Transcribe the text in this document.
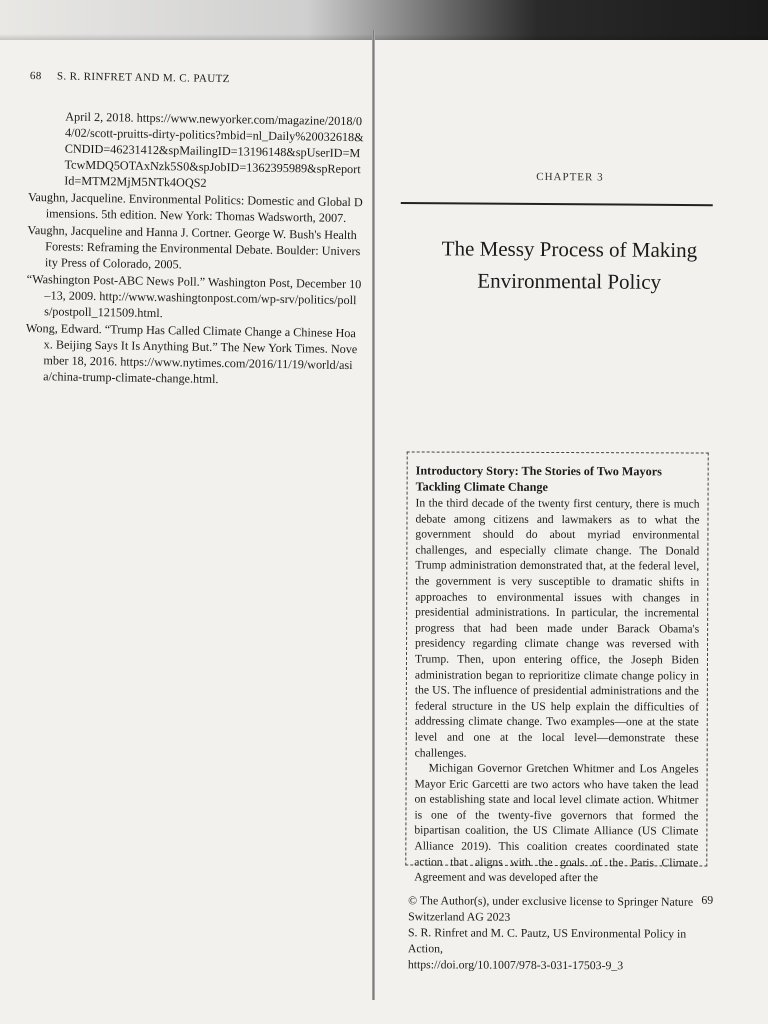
68 S. R. RINFRET AND M. C. PAUTZ
April 2, 2018. https://www.newyorker.com/magazine/2018/04/02/scott-pruitts-dirty-politics?mbid=nl_Daily%20032618&CNDID=46231412&spMailingID=13196148&spUserID=MTcwMDQ5OTAxNzk5S0&spJobID=1362395989&spReportId=MTM2MjM5NTk4OQS2
Vaughn, Jacqueline. Environmental Politics: Domestic and Global Dimensions. 5th edition. New York: Thomas Wadsworth, 2007.
Vaughn, Jacqueline and Hanna J. Cortner. George W. Bush's Health Forests: Reframing the Environmental Debate. Boulder: University Press of Colorado, 2005.
“Washington Post-ABC News Poll.” Washington Post, December 10–13, 2009. http://www.washingtonpost.com/wp-srv/politics/polls/postpoll_121509.html.
Wong, Edward. “Trump Has Called Climate Change a Chinese Hoax. Beijing Says It Is Anything But.” The New York Times. November 18, 2016. https://www.nytimes.com/2016/11/19/world/asia/china-trump-climate-change.html.
CHAPTER 3
The Messy Process of Making
Environmental Policy
Introductory Story: The Stories of Two Mayors Tackling Climate Change

In the third decade of the twenty first century, there is much debate among citizens and lawmakers as to what the government should do about myriad environmental challenges, and especially climate change. The Donald Trump administration demonstrated that, at the federal level, the government is very susceptible to dramatic shifts in approaches to environmental issues with changes in presidential administrations. In particular, the incremental progress that had been made under Barack Obama's presidency regarding climate change was reversed with Trump. Then, upon entering office, the Joseph Biden administration began to reprioritize climate change policy in the US. The influence of presidential administrations and the federal structure in the US help explain the difficulties of addressing climate change. Two examples—one at the state level and one at the local level—demonstrate these challenges.

Michigan Governor Gretchen Whitmer and Los Angeles Mayor Eric Garcetti are two actors who have taken the lead on establishing state and local level climate action. Whitmer is one of the twenty-five governors that formed the bipartisan coalition, the US Climate Alliance (US Climate Alliance 2019). This coalition creates coordinated state action that aligns with the goals of the Paris Climate Agreement and was developed after the

69
© The Author(s), under exclusive license to Springer Nature
Switzerland AG 2023
S. R. Rinfret and M. C. Pautz, US Environmental Policy in Action,
https://doi.org/10.1007/978-3-031-17503-9_3
